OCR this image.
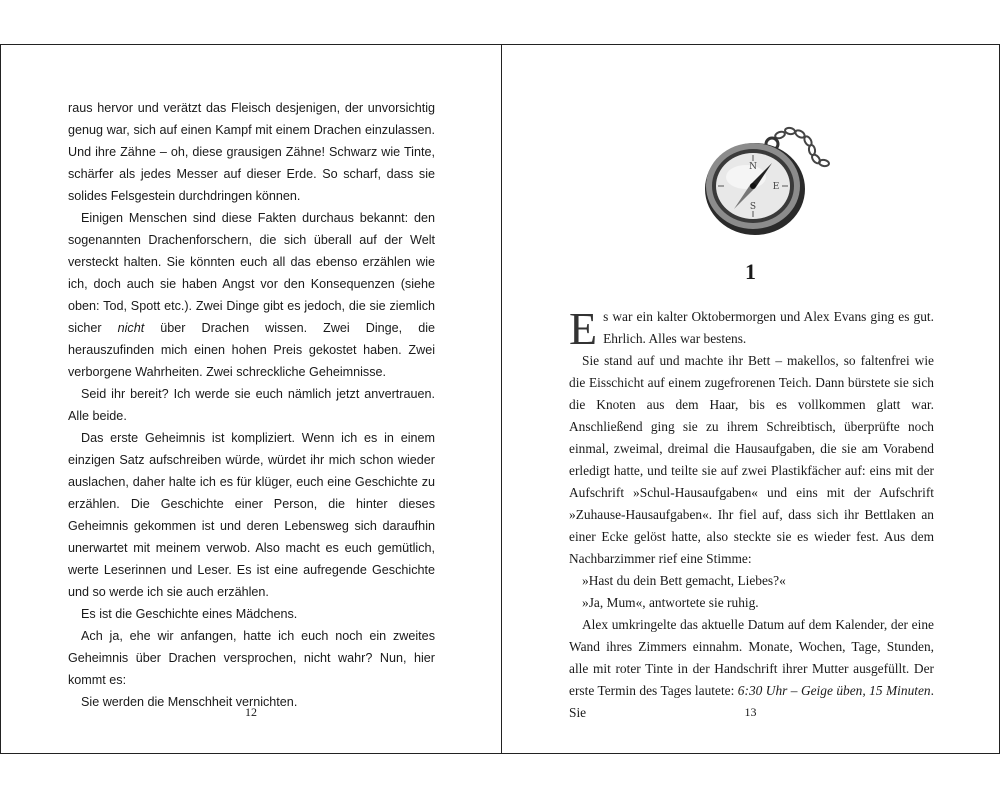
raus hervor und verätzt das Fleisch desjenigen, der unvorsichtig genug war, sich auf einen Kampf mit einem Drachen einzulassen. Und ihre Zähne – oh, diese grausigen Zähne! Schwarz wie Tinte, schärfer als jedes Messer auf dieser Erde. So scharf, dass sie solides Felsgestein durchdringen können.

Einigen Menschen sind diese Fakten durchaus bekannt: den sogenannten Drachenforschern, die sich überall auf der Welt versteckt halten. Sie könnten euch all das ebenso erzählen wie ich, doch auch sie haben Angst vor den Konsequenzen (siehe oben: Tod, Spott etc.). Zwei Dinge gibt es jedoch, die sie ziemlich sicher nicht über Drachen wissen. Zwei Dinge, die herauszufinden mich einen hohen Preis gekostet haben. Zwei verborgene Wahrheiten. Zwei schreckliche Geheimnisse.

Seid ihr bereit? Ich werde sie euch nämlich jetzt anvertrauen. Alle beide.

Das erste Geheimnis ist kompliziert. Wenn ich es in einem einzigen Satz aufschreiben würde, würdet ihr mich schon wieder auslachen, daher halte ich es für klüger, euch eine Geschichte zu erzählen. Die Geschichte einer Person, die hinter dieses Geheimnis gekommen ist und deren Lebensweg sich daraufhin unerwartet mit meinem verwob. Also macht es euch gemütlich, werte Leserinnen und Leser. Es ist eine aufregende Geschichte und so werde ich sie auch erzählen.

Es ist die Geschichte eines Mädchens.

Ach ja, ehe wir anfangen, hatte ich euch noch ein zweites Geheimnis über Drachen versprochen, nicht wahr? Nun, hier kommt es:

Sie werden die Menschheit vernichten.

12
N
E
S
1

Es war ein kalter Oktobermorgen und Alex Evans ging es gut. Ehrlich. Alles war bestens.

Sie stand auf und machte ihr Bett – makellos, so faltenfrei wie die Eisschicht auf einem zugefrorenen Teich. Dann bürstete sie sich die Knoten aus dem Haar, bis es vollkommen glatt war. Anschließend ging sie zu ihrem Schreibtisch, überprüfte noch einmal, zweimal, dreimal die Hausaufgaben, die sie am Vorabend erledigt hatte, und teilte sie auf zwei Plastikfächer auf: eins mit der Aufschrift »Schul-Hausaufgaben« und eins mit der Aufschrift »Zuhause-Hausaufgaben«. Ihr fiel auf, dass sich ihr Bettlaken an einer Ecke gelöst hatte, also steckte sie es wieder fest. Aus dem Nachbarzimmer rief eine Stimme:

»Hast du dein Bett gemacht, Liebes?«

»Ja, Mum«, antwortete sie ruhig.

Alex umkringelte das aktuelle Datum auf dem Kalender, der eine Wand ihres Zimmers einnahm. Monate, Wochen, Tage, Stunden, alle mit roter Tinte in der Handschrift ihrer Mutter ausgefüllt. Der erste Termin des Tages lautete: 6:30 Uhr – Geige üben, 15 Minuten. Sie	13
